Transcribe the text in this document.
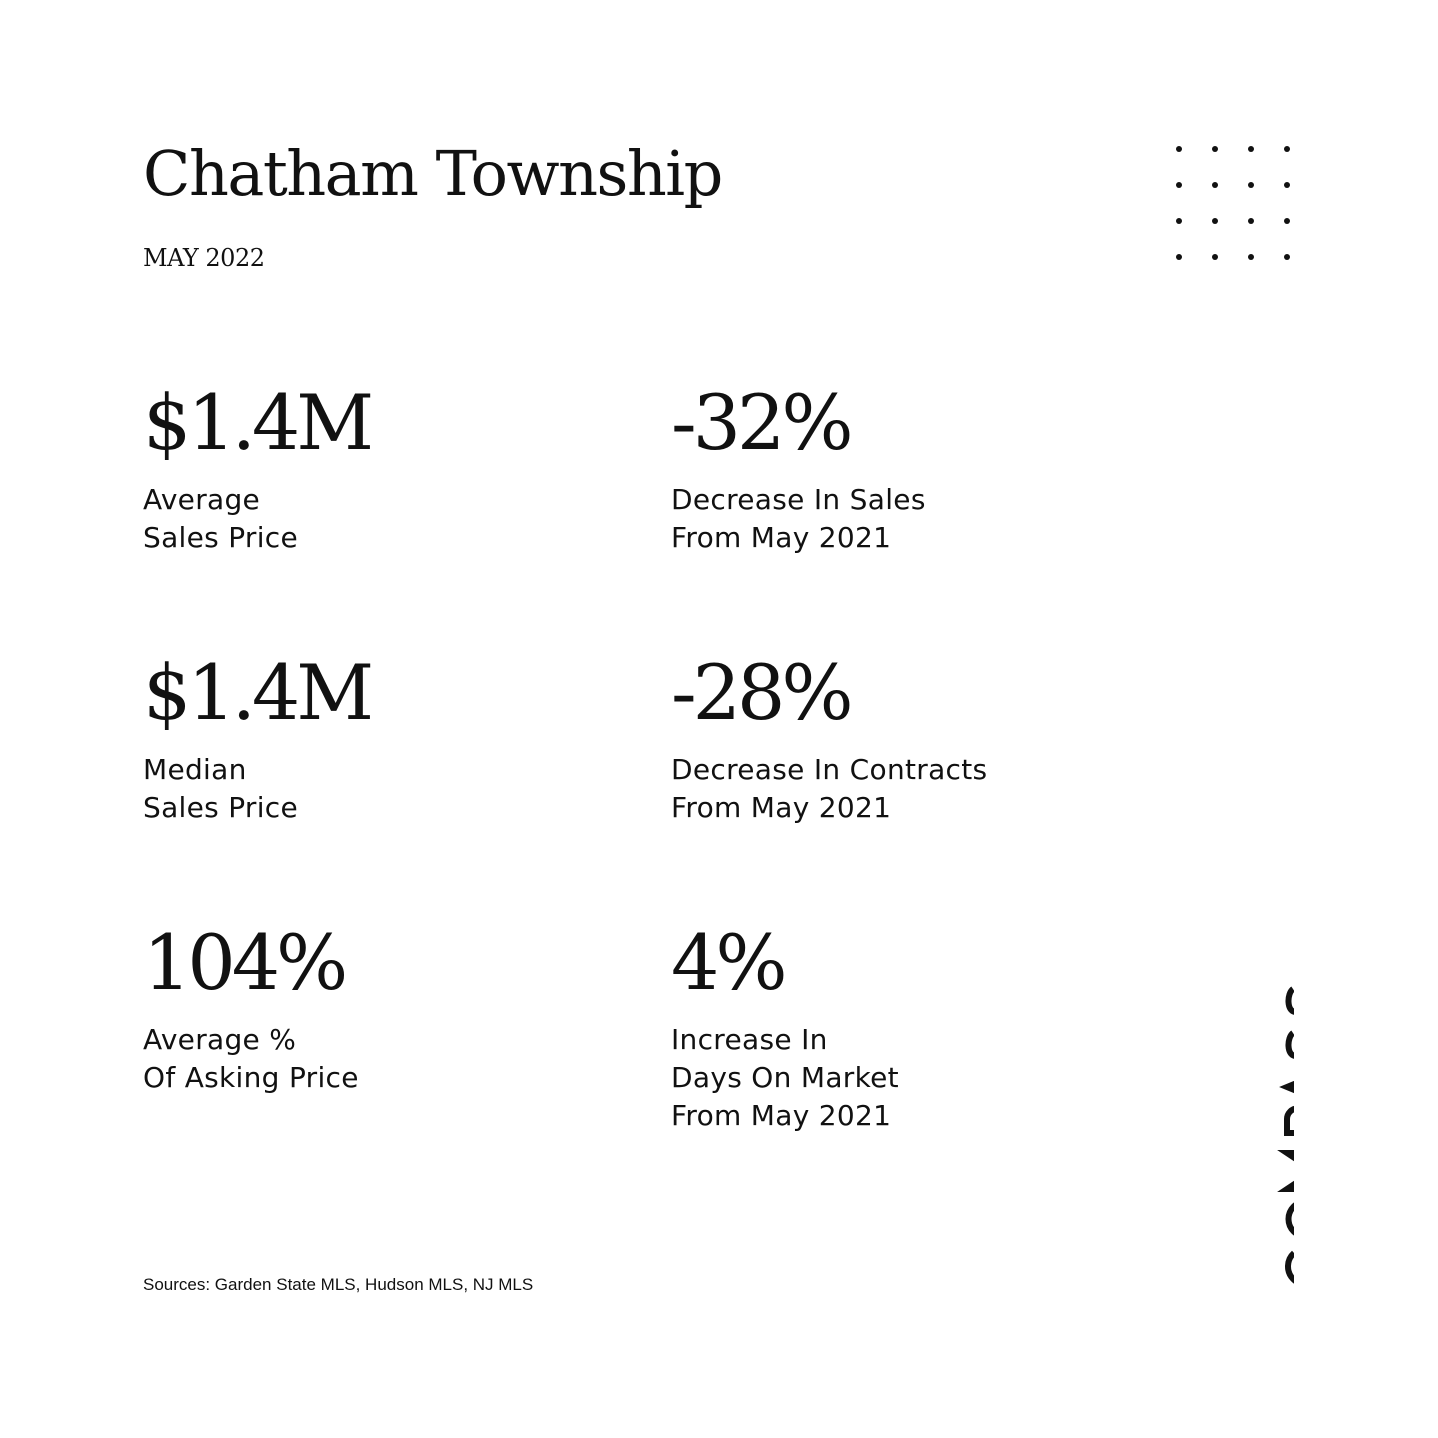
Chatham Township
MAY 2022
$1.4M
Average
Sales Price
-32%
Decrease In Sales
From May 2021
$1.4M
Median
Sales Price
-28%
Decrease In Contracts
From May 2021
104%
Average %
Of Asking Price
4%
Increase In
Days On Market
From May 2021
Sources: Garden State MLS, Hudson MLS, NJ MLS
